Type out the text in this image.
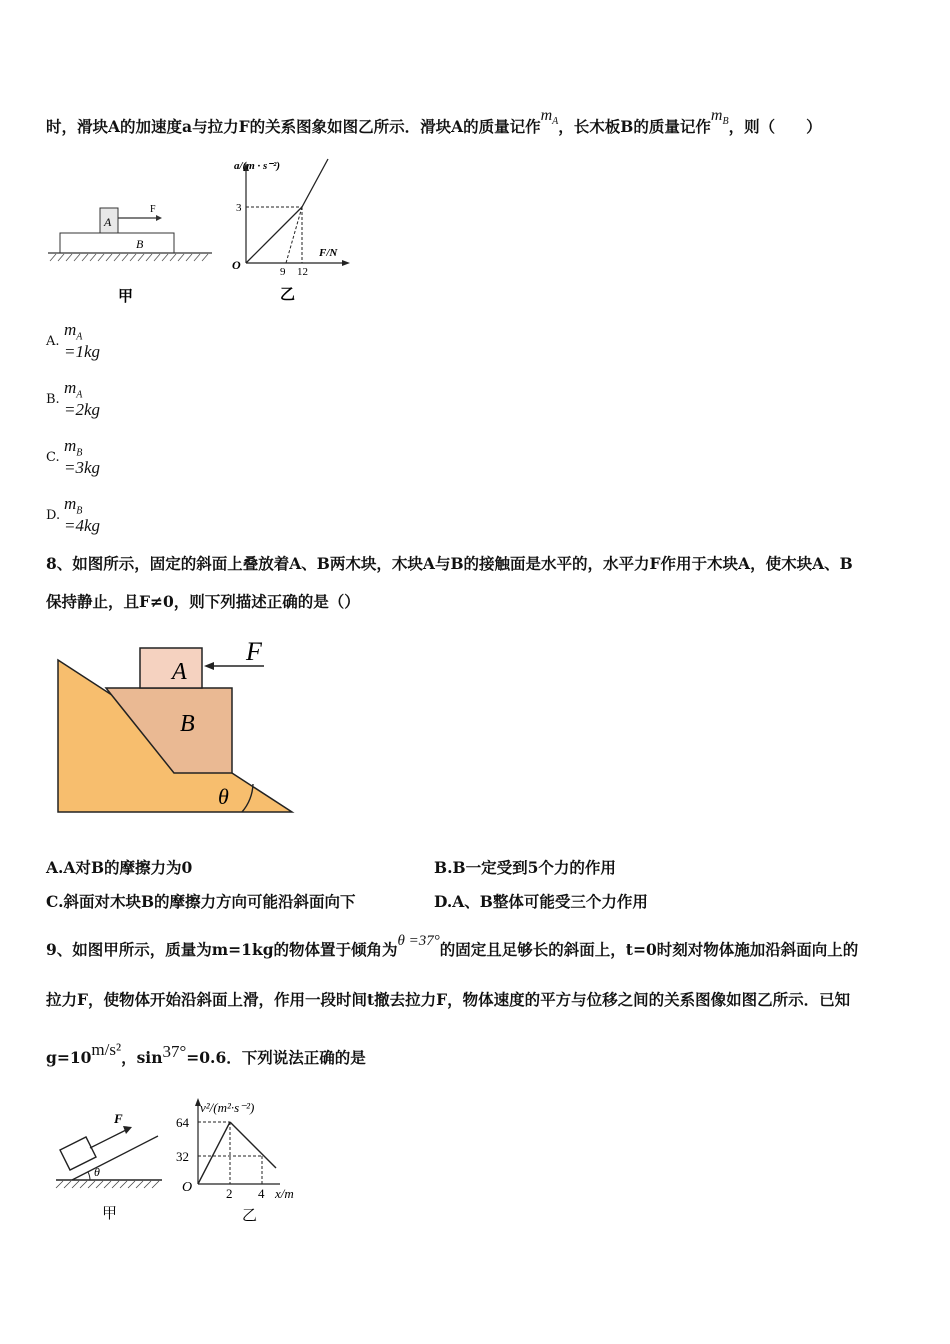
时，滑块A的加速度a与拉力F的关系图象如图乙所示．滑块A的质量记作$m_A$，长木板B的质量记作$m_B$，则（　　）
A
F
B
甲
a/(m · s⁻²)
F/N
O
3
9 12
乙
A.
$m_A =1kg$
B.
$m_A =2kg$
C.
$m_B =3kg$
D.
$m_B =4kg$
8、如图所示，固定的斜面上叠放着A、B两木块，木块A与B的接触面是水平的，水平力F作用于木块A，使木块A、B
保持静止，且F≠0，则下列描述正确的是（）
A
B
F
θ
A.A对B的摩擦力为0	B.B一定受到5个力的作用
C.斜面对木块B的摩擦力方向可能沿斜面向下	D.A、B整体可能受三个力作用
9、如图甲所示，质量为m=1kg的物体置于倾角为θ =37°的固定且足够长的斜面上，t=0时刻对物体施加沿斜面向上的
拉力F，使物体开始沿斜面上滑，作用一段时间t撤去拉力F，物体速度的平方与位移之间的关系图像如图乙所示．已知
g=10m/s²，sin37°=0.6．下列说法正确的是
F
θ
甲
v²/(m²·s⁻²)
64
32
O	2 4 x/m
乙
